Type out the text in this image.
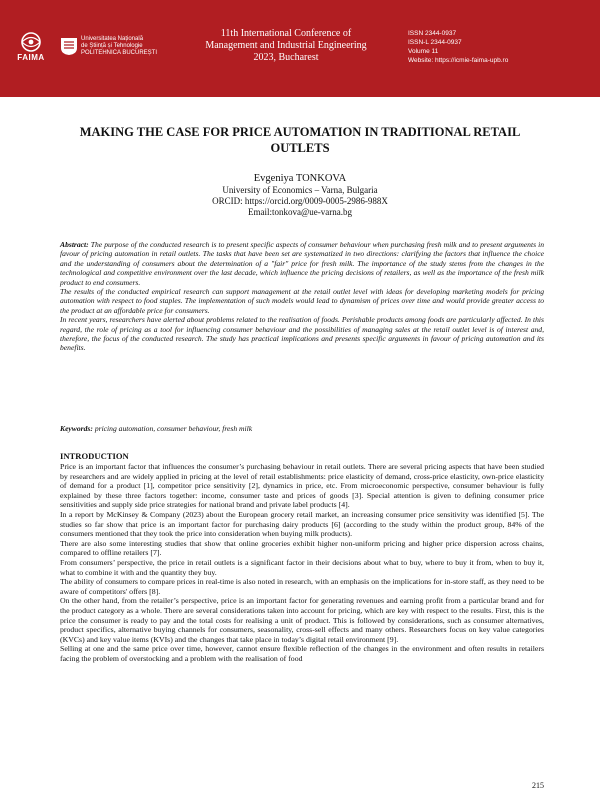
FAIMA
Universitatea Națională
de Știință și Tehnologie
POLITEHNICA BUCUREȘTI
11th International Conference of
Management and Industrial Engineering
2023, Bucharest
ISSN 2344-0937
ISSN-L 2344-0937
Volume 11
Website: https://icmie-faima-upb.ro
MAKING THE CASE FOR PRICE AUTOMATION IN TRADITIONAL RETAIL OUTLETS
Evgeniya TONKOVA
University of Economics – Varna, Bulgaria
ORCID: https://orcid.org/0009-0005-2986-988X
Email:tonkova@ue-varna.bg

Abstract: The purpose of the conducted research is to present specific aspects of consumer behaviour when purchasing fresh milk and to present arguments in favour of pricing automation in retail outlets. The tasks that have been set are systematized in two directions: clarifying the factors that influence the choice and the understanding of consumers about the determination of a "fair" price for fresh milk. The importance of the study stems from the changes in the technological and competitive environment over the last decade, which influence the pricing decisions of retailers, as well as the importance of the fresh milk product to end consumers.

The results of the conducted empirical research can support management at the retail outlet level with ideas for developing marketing models for pricing automation with respect to food staples. The implementation of such models would lead to dynamism of prices over time and would provide greater access to the product at an affordable price for consumers.

In recent years, researchers have alerted about problems related to the realisation of foods. Perishable products among foods are particularly affected. In this regard, the role of pricing as a tool for influencing consumer behaviour and the possibilities of managing sales at the retail outlet level is of interest and, therefore, the focus of the conducted research. The study has practical implications and presents specific arguments in favour of pricing automation and its benefits.

Keywords: pricing automation, consumer behaviour, fresh milk
INTRODUCTION

Price is an important factor that influences the consumer’s purchasing behaviour in retail outlets. There are several pricing aspects that have been studied by researchers and are widely applied in pricing at the level of retail establishments: price elasticity of demand, cross-price elasticity, own-price elasticity of demand for a product [1], competitor price sensitivity [2], dynamics in price, etc. From microeconomic perspective, consumer behaviour is fully explained by these three factors together: income, consumer taste and prices of goods [3]. Special attention is given to defining consumer price sensitivities and supply side price strategies for national brand and private label products [4].

In a report by McKinsey & Company (2023) about the European grocery retail market, an increasing consumer price sensitivity was identified [5]. The studies so far show that price is an important factor for purchasing dairy products [6] (according to the study within the product group, 84% of the consumers mentioned that they took the price into consideration when buying milk products).

There are also some interesting studies that show that online groceries exhibit higher non-uniform pricing and higher price dispersion across chains, compared to offline retailers [7].

From consumers’ perspective, the price in retail outlets is a significant factor in their decisions about what to buy, where to buy it from, when to buy it, what to combine it with and the quantity they buy.

The ability of consumers to compare prices in real-time is also noted in research, with an emphasis on the implications for in-store staff, as they need to be aware of competitors' offers [8].

On the other hand, from the retailer’s perspective, price is an important factor for generating revenues and earning profit from a particular brand and for the product category as a whole. There are several considerations taken into account for pricing, which are key with respect to the results. First, this is the price the consumer is ready to pay and the total costs for realising a unit of product. This is followed by considerations, such as consumer alternatives, product specifics, alternative buying channels for consumers, seasonality, cross-sell effects and many others. Researchers focus on key value categories (KVCs) and key value items (KVIs) and the changes that take place in today’s digital retail environment [9].

Selling at one and the same price over time, however, cannot ensure flexible reflection of the changes in the environment and often results in retailers facing the problem of overstocking and a problem with the realisation of food

215
